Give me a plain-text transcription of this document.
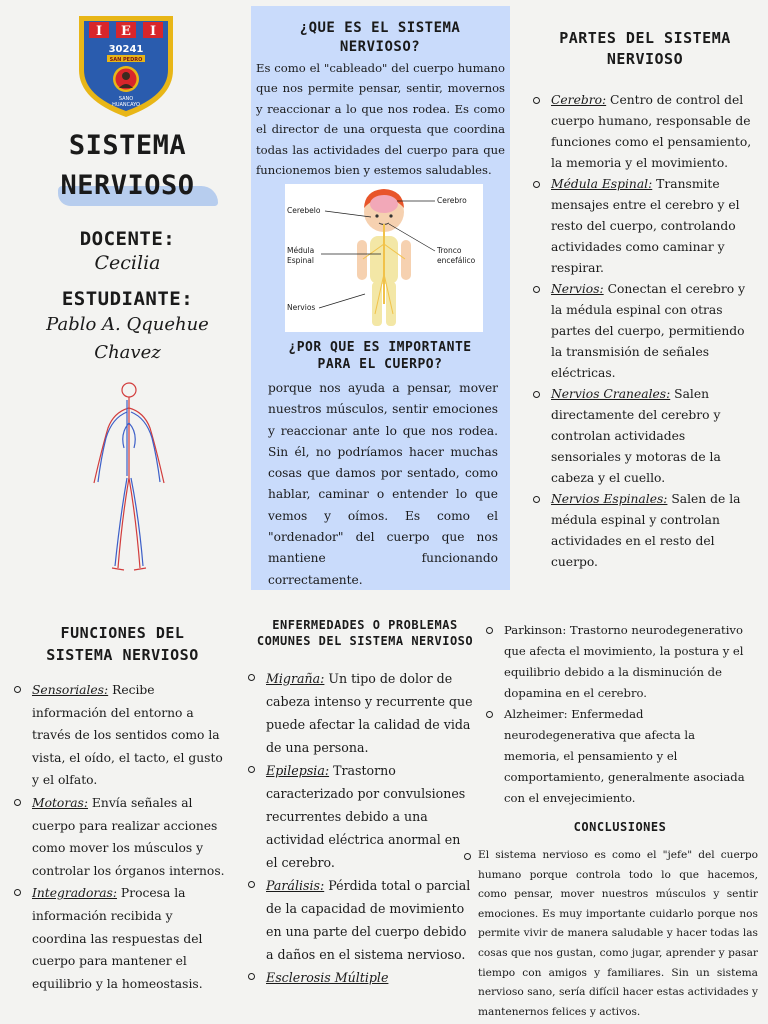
I E I
30241
SAN PEDRO
SANO
HUANCAYO
SISTEMA
NERVIOSO
DOCENTE:
Cecilia
ESTUDIANTE:
Pablo A. Qquehue
Chavez
¿QUE ES EL SISTEMA
NERVIOSO?
Es como el "cableado" del cuerpo humano que nos permite pensar, sentir, movernos y reaccionar a lo que nos rodea. Es como el director de una orquesta que coordina todas las actividades del cuerpo para que funcionemos bien y estemos saludables.
Cerebro
Cerebelo
Médula Espinal
Tronco encefálico
Nervios
¿POR QUE ES IMPORTANTE
PARA EL CUERPO?
porque nos ayuda a pensar, mover nuestros músculos, sentir emociones y reaccionar ante lo que nos rodea. Sin él, no podríamos hacer muchas cosas que damos por sentado, como hablar, caminar o entender lo que vemos y oímos. Es como el "ordenador" del cuerpo que nos mantiene funcionando correctamente.
PARTES DEL SISTEMA
NERVIOSO
Cerebro: Centro de control del cuerpo humano, responsable de funciones como el pensamiento, la memoria y el movimiento.
Médula Espinal: Transmite mensajes entre el cerebro y el resto del cuerpo, controlando actividades como caminar y respirar.
Nervios: Conectan el cerebro y la médula espinal con otras partes del cuerpo, permitiendo la transmisión de señales eléctricas.
Nervios Craneales: Salen directamente del cerebro y controlan actividades sensoriales y motoras de la cabeza y el cuello.
Nervios Espinales: Salen de la médula espinal y controlan actividades en el resto del cuerpo.
FUNCIONES DEL
SISTEMA NERVIOSO
Sensoriales: Recibe información del entorno a través de los sentidos como la vista, el oído, el tacto, el gusto y el olfato.
Motoras: Envía señales al cuerpo para realizar acciones como mover los músculos y controlar los órganos internos.
Integradoras: Procesa la información recibida y coordina las respuestas del cuerpo para mantener el equilibrio y la homeostasis.
ENFERMEDADES O PROBLEMAS
COMUNES DEL SISTEMA NERVIOSO
Migraña: Un tipo de dolor de cabeza intenso y recurrente que puede afectar la calidad de vida de una persona.
Epilepsia: Trastorno caracterizado por convulsiones recurrentes debido a una actividad eléctrica anormal en el cerebro.
Parálisis: Pérdida total o parcial de la capacidad de movimiento en una parte del cuerpo debido a daños en el sistema nervioso.
Esclerosis Múltiple
Parkinson: Trastorno neurodegenerativo que afecta el movimiento, la postura y el equilibrio debido a la disminución de dopamina en el cerebro.
Alzheimer: Enfermedad neurodegenerativa que afecta la memoria, el pensamiento y el comportamiento, generalmente asociada con el envejecimiento.
CONCLUSIONES
El sistema nervioso es como el "jefe" del cuerpo humano porque controla todo lo que hacemos, como pensar, mover nuestros músculos y sentir emociones. Es muy importante cuidarlo porque nos permite vivir de manera saludable y hacer todas las cosas que nos gustan, como jugar, aprender y pasar tiempo con amigos y familiares. Sin un sistema nervioso sano, sería difícil hacer estas actividades y mantenernos felices y activos.
